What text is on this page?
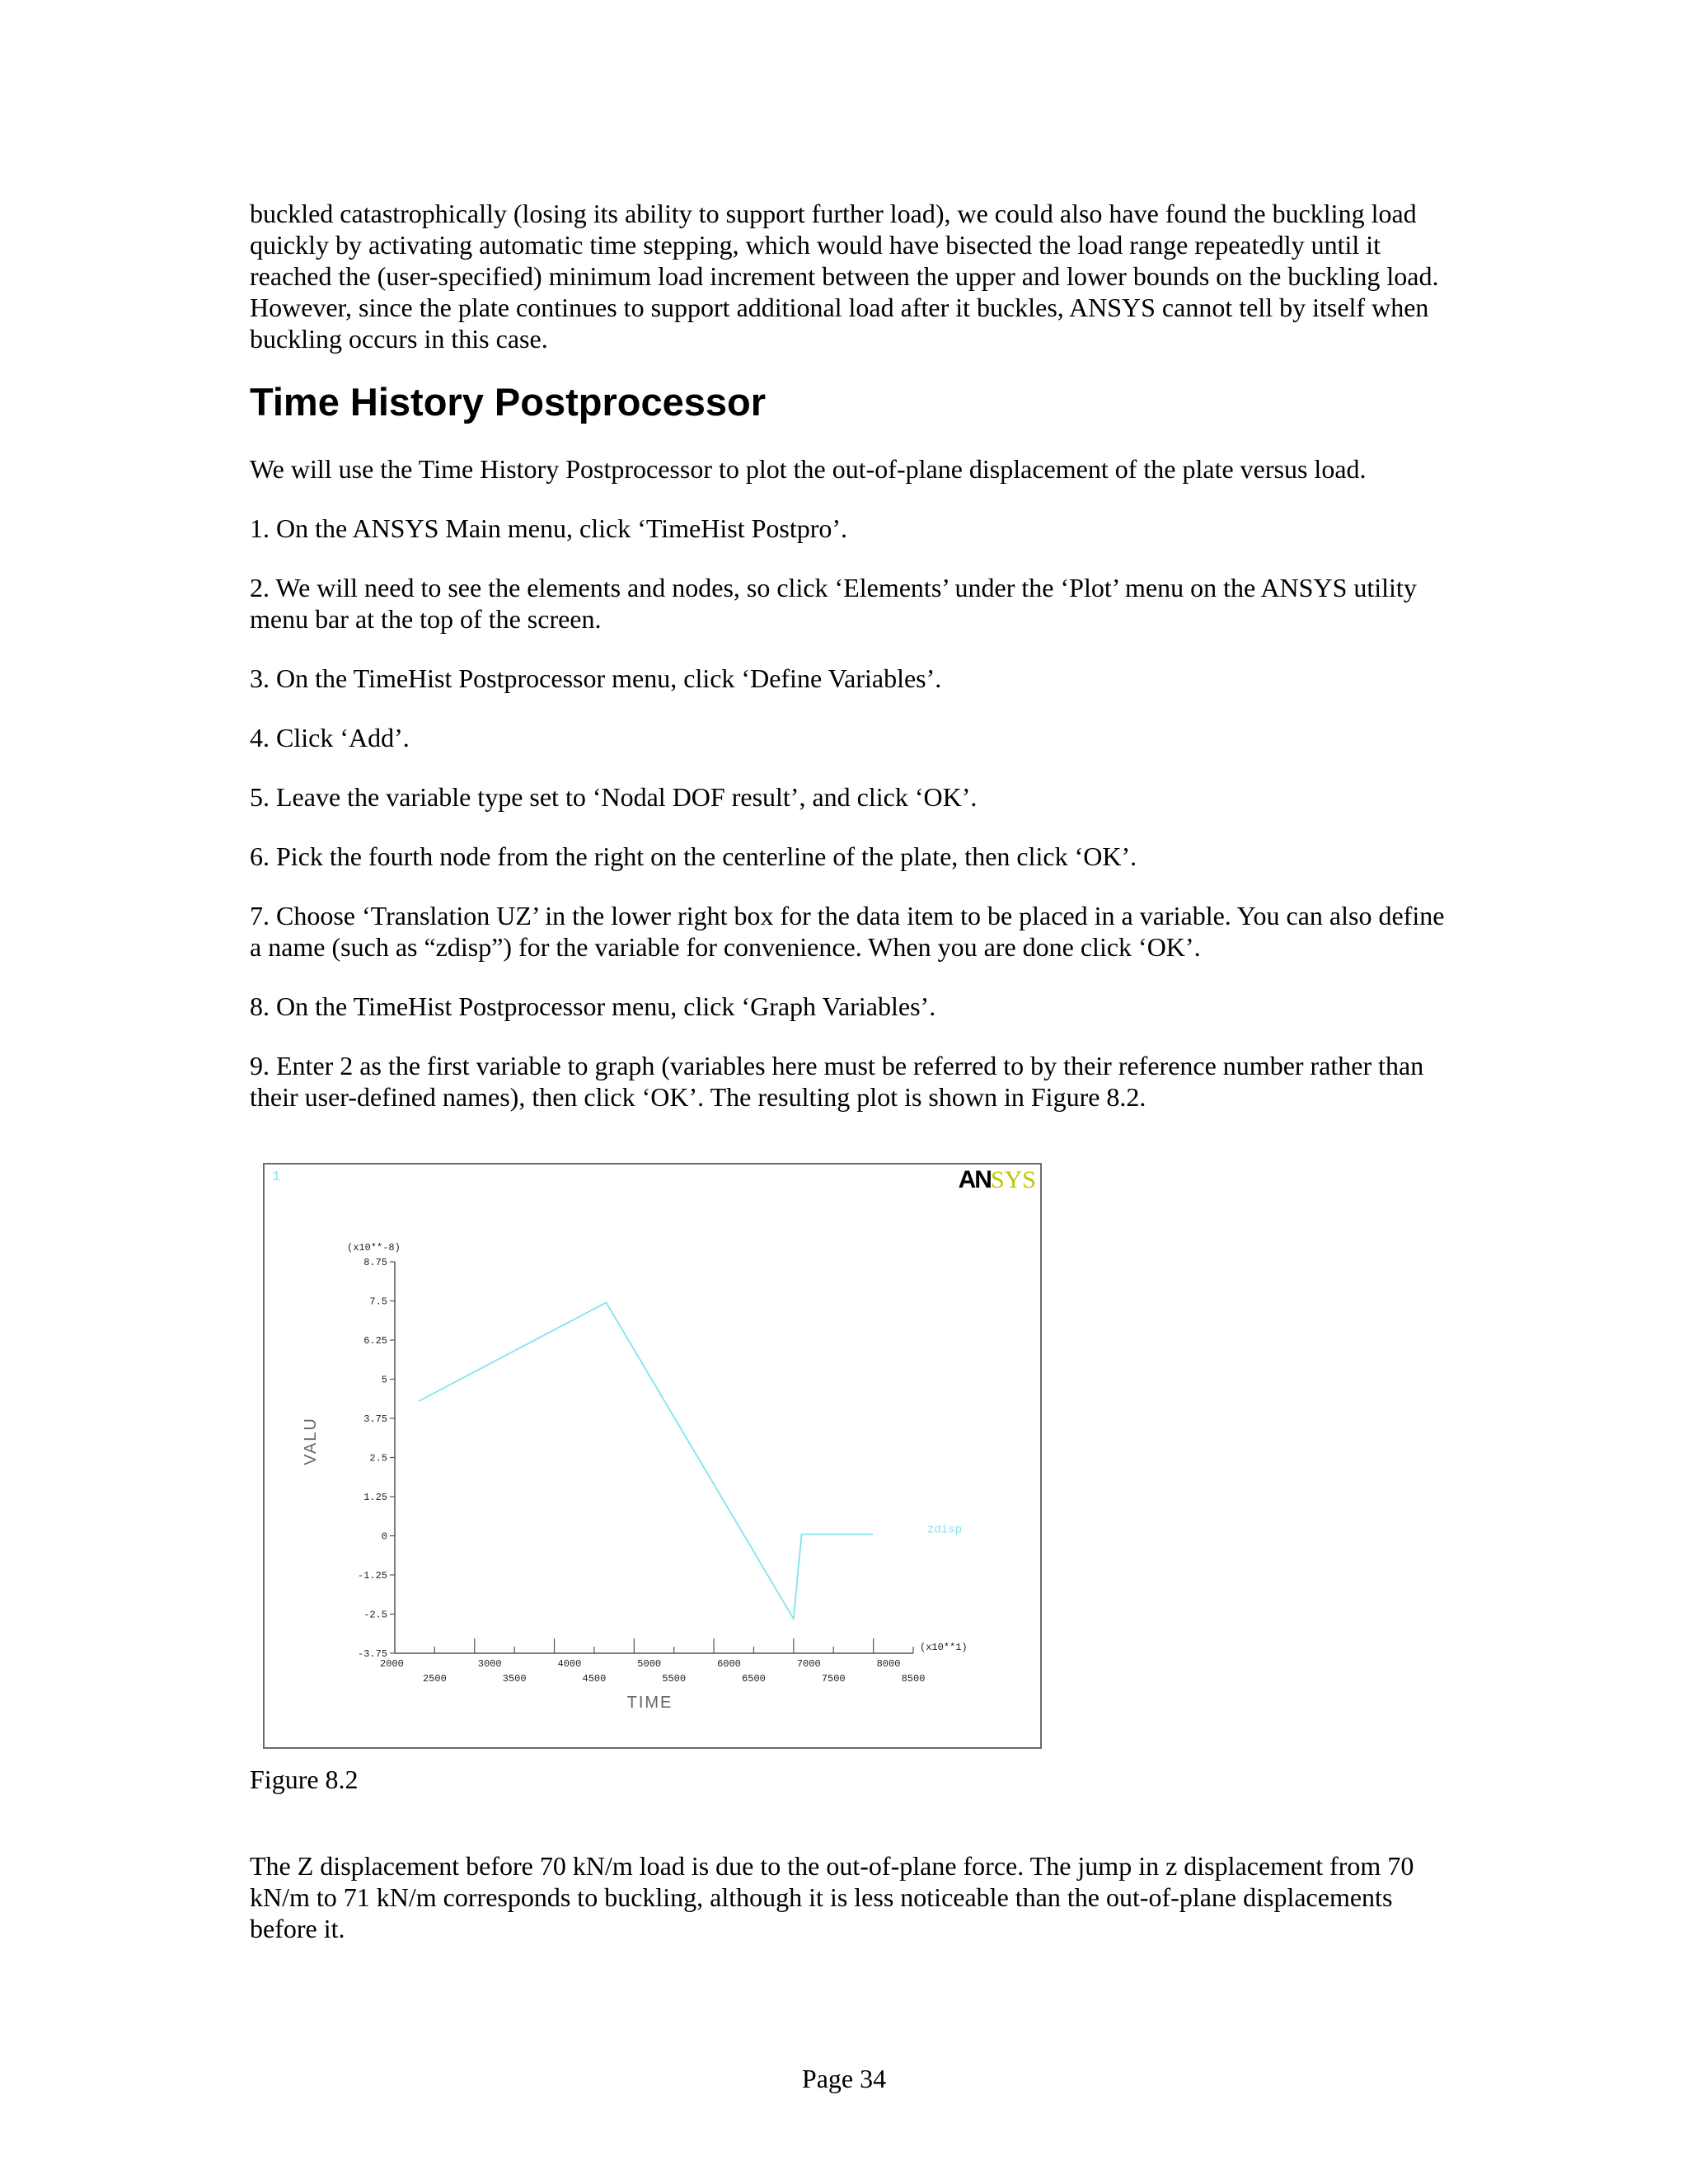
buckled catastrophically (losing its ability to support further load), we could also have found the buckling load quickly by activating automatic time stepping, which would have bisected the load range repeatedly until it reached the (user-specified) minimum load increment between the upper and lower bounds on the buckling load. However, since the plate continues to support additional load after it buckles, ANSYS cannot tell by itself when buckling occurs in this case.

Time History Postprocessor

We will use the Time History Postprocessor to plot the out-of-plane displacement of the plate versus load.

1. On the ANSYS Main menu, click ‘TimeHist Postpro’.

2. We will need to see the elements and nodes, so click ‘Elements’ under the ‘Plot’ menu on the ANSYS utility menu bar at the top of the screen.

3. On the TimeHist Postprocessor menu, click ‘Define Variables’.

4. Click ‘Add’.

5. Leave the variable type set to ‘Nodal DOF result’, and click ‘OK’.

6. Pick the fourth node from the right on the centerline of the plate, then click ‘OK’.

7. Choose ‘Translation UZ’ in the lower right box for the data item to be placed in a variable. You can also define a name (such as “zdisp”) for the variable for convenience. When you are done click ‘OK’.

8. On the TimeHist Postprocessor menu, click ‘Graph Variables’.

9. Enter 2 as the first variable to graph (variables here must be referred to by their reference number rather than their user-defined names), then click ‘OK’. The resulting plot is shown in Figure 8.2.

1	ANSYS
8.75
7.5
6.25
5
3.75
2.5
1.25
0
-1.25
-2.5
-3.75
2000	3000	4000	5000	6000	7000	8000
2500	3500	4500	5500	6500	7500	8500
(x10**-8)
(x10**1)
TIME
VALU
zdisp
Figure 8.2

The Z displacement before 70 kN/m load is due to the out-of-plane force. The jump in z displacement from 70 kN/m to 71 kN/m corresponds to buckling, although it is less noticeable than the out-of-plane displacements before it.

Page 34
